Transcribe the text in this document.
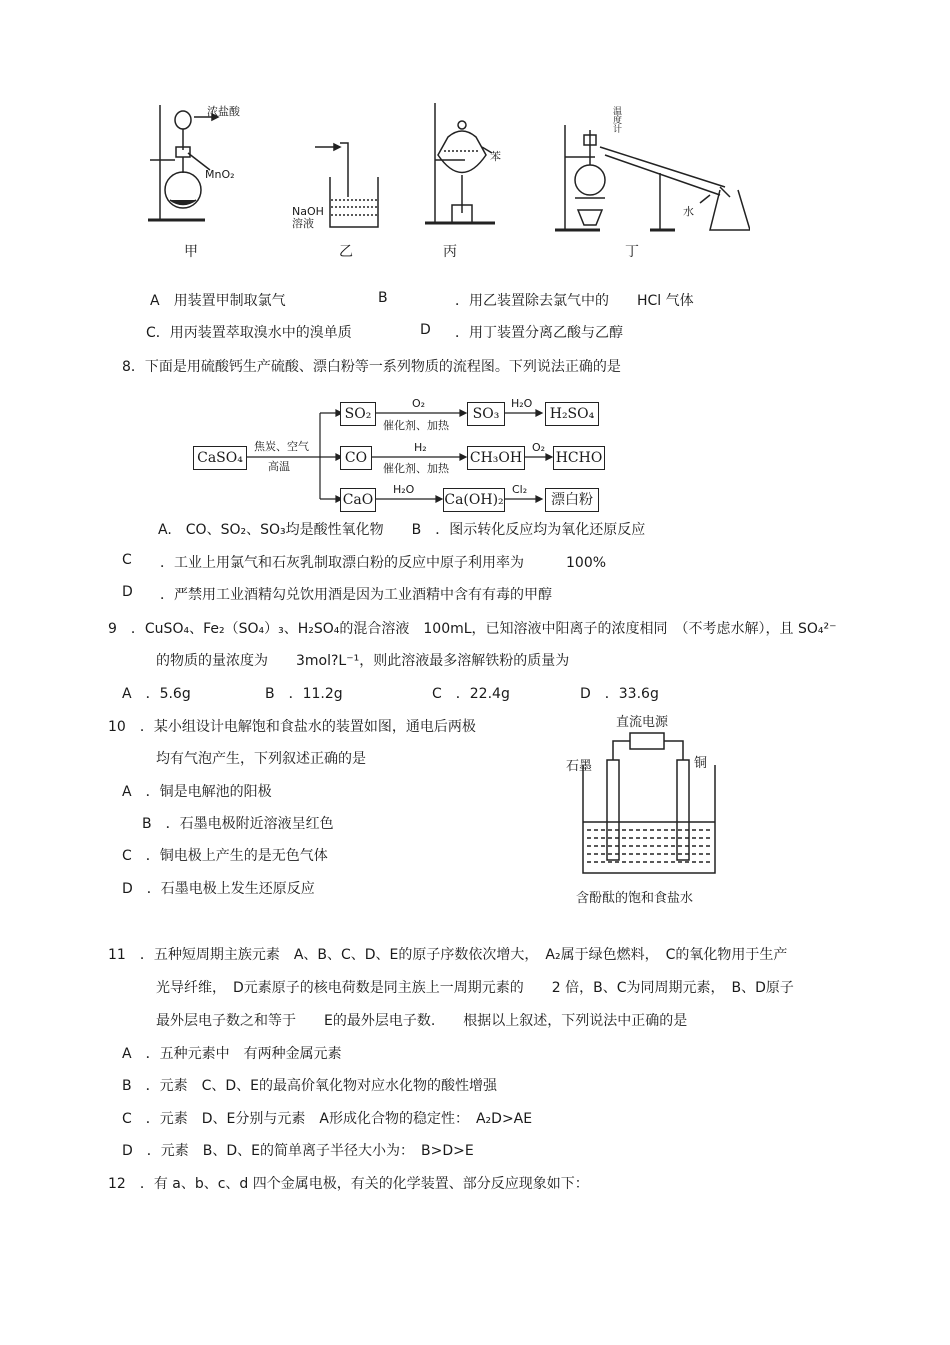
浓盐酸
MnO₂
NaOH
溶液
苯
温
度
计
水
甲	乙	丙	丁
A　用装置甲制取氯气	B	．用乙装置除去氯气中的　　HCl 气体
C．用丙装置萃取溴水中的溴单质	D ．用丁装置分离乙酸与乙醇
8．下面是用硫酸钙生产硫酸、漂白粉等一系列物质的流程图。下列说法正确的是
CaSO₄
焦炭、空气
高温
SO₂
O₂
催化剂、加热
SO₃
H₂O
H₂SO₄
CO
H₂
催化剂、加热
CH₃OH
O₂
HCHO
CaO
H₂O
Ca(OH)₂
Cl₂
漂白粉
A.　CO、SO₂、SO₃均是酸性氧化物　　B　．图示转化反应均为氧化还原反应
C ．工业上用氯气和石灰乳制取漂白粉的反应中原子利用率为　　　100%
D ．严禁用工业酒精勾兑饮用酒是因为工业酒精中含有有毒的甲醇
9　．CuSO₄、Fe₂（SO₄）₃、H₂SO₄的混合溶液　100mL，已知溶液中阳离子的浓度相同　（不考虑水解），且 SO₄²⁻
的物质的量浓度为　　3mol?L⁻¹，则此溶液最多溶解铁粉的质量为
A　．5.6g	B　．11.2g	C　．22.4g	D　．33.6g
10　．某小组设计电解饱和食盐水的装置如图，通电后两极
均有气泡产生，下列叙述正确的是
A　．铜是电解池的阳极
B　．石墨电极附近溶液呈红色
C　．铜电极上产生的是无色气体
D　．石墨电极上发生还原反应
直流电源
石墨	铜
含酚酞的饱和食盐水
11　．五种短周期主族元素　A、B、C、D、E的原子序数依次增大，　A₂属于绿色燃料，　C的氧化物用于生产
光导纤维，　D元素原子的核电荷数是同主族上一周期元素的　　2 倍，B、C为同周期元素，　B、D原子
最外层电子数之和等于　　E的最外层电子数.　　根据以上叙述，下列说法中正确的是
A　．五种元素中　有两种金属元素
B　．元素　C、D、E的最高价氧化物对应水化物的酸性增强
C　．元素　D、E分别与元素　A形成化合物的稳定性：　A₂D>AE
D　．元素　B、D、E的简单离子半径大小为：　B>D>E
12　．有 a、b、c、d 四个金属电极，有关的化学装置、部分反应现象如下：
